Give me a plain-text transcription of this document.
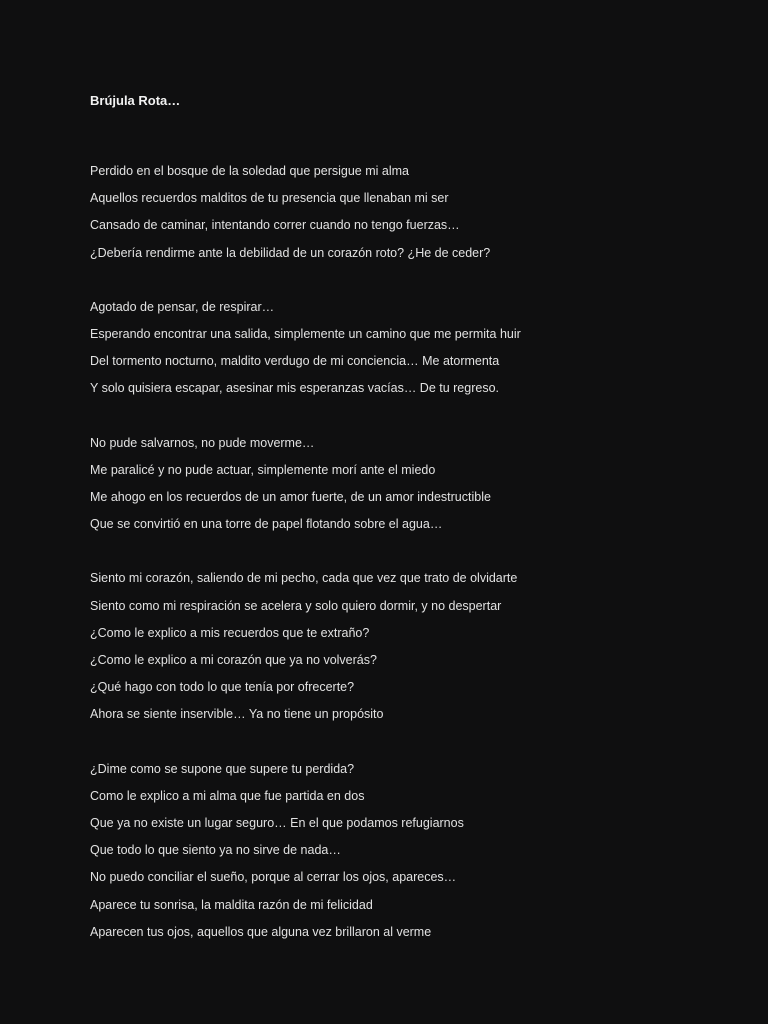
Brújula Rota…
Perdido en el bosque de la soledad que persigue mi alma
Aquellos recuerdos malditos de tu presencia que llenaban mi ser
Cansado de caminar, intentando correr cuando no tengo fuerzas…
¿Debería rendirme ante la debilidad de un corazón roto? ¿He de ceder?
Agotado de pensar, de respirar…
Esperando encontrar una salida, simplemente un camino que me permita huir
Del tormento nocturno, maldito verdugo de mi conciencia… Me atormenta
Y solo quisiera escapar, asesinar mis esperanzas vacías… De tu regreso.
No pude salvarnos, no pude moverme…
Me paralicé y no pude actuar, simplemente morí ante el miedo
Me ahogo en los recuerdos de un amor fuerte, de un amor indestructible
Que se convirtió en una torre de papel flotando sobre el agua…
Siento mi corazón, saliendo de mi pecho, cada que vez que trato de olvidarte
Siento como mi respiración se acelera y solo quiero dormir, y no despertar
¿Como le explico a mis recuerdos que te extraño?
¿Como le explico a mi corazón que ya no volverás?
¿Qué hago con todo lo que tenía por ofrecerte?
Ahora se siente inservible… Ya no tiene un propósito
¿Dime como se supone que supere tu perdida?
Como le explico a mi alma que fue partida en dos
Que ya no existe un lugar seguro… En el que podamos refugiarnos
Que todo lo que siento ya no sirve de nada…
No puedo conciliar el sueño, porque al cerrar los ojos, apareces…
Aparece tu sonrisa, la maldita razón de mi felicidad
Aparecen tus ojos, aquellos que alguna vez brillaron al verme
